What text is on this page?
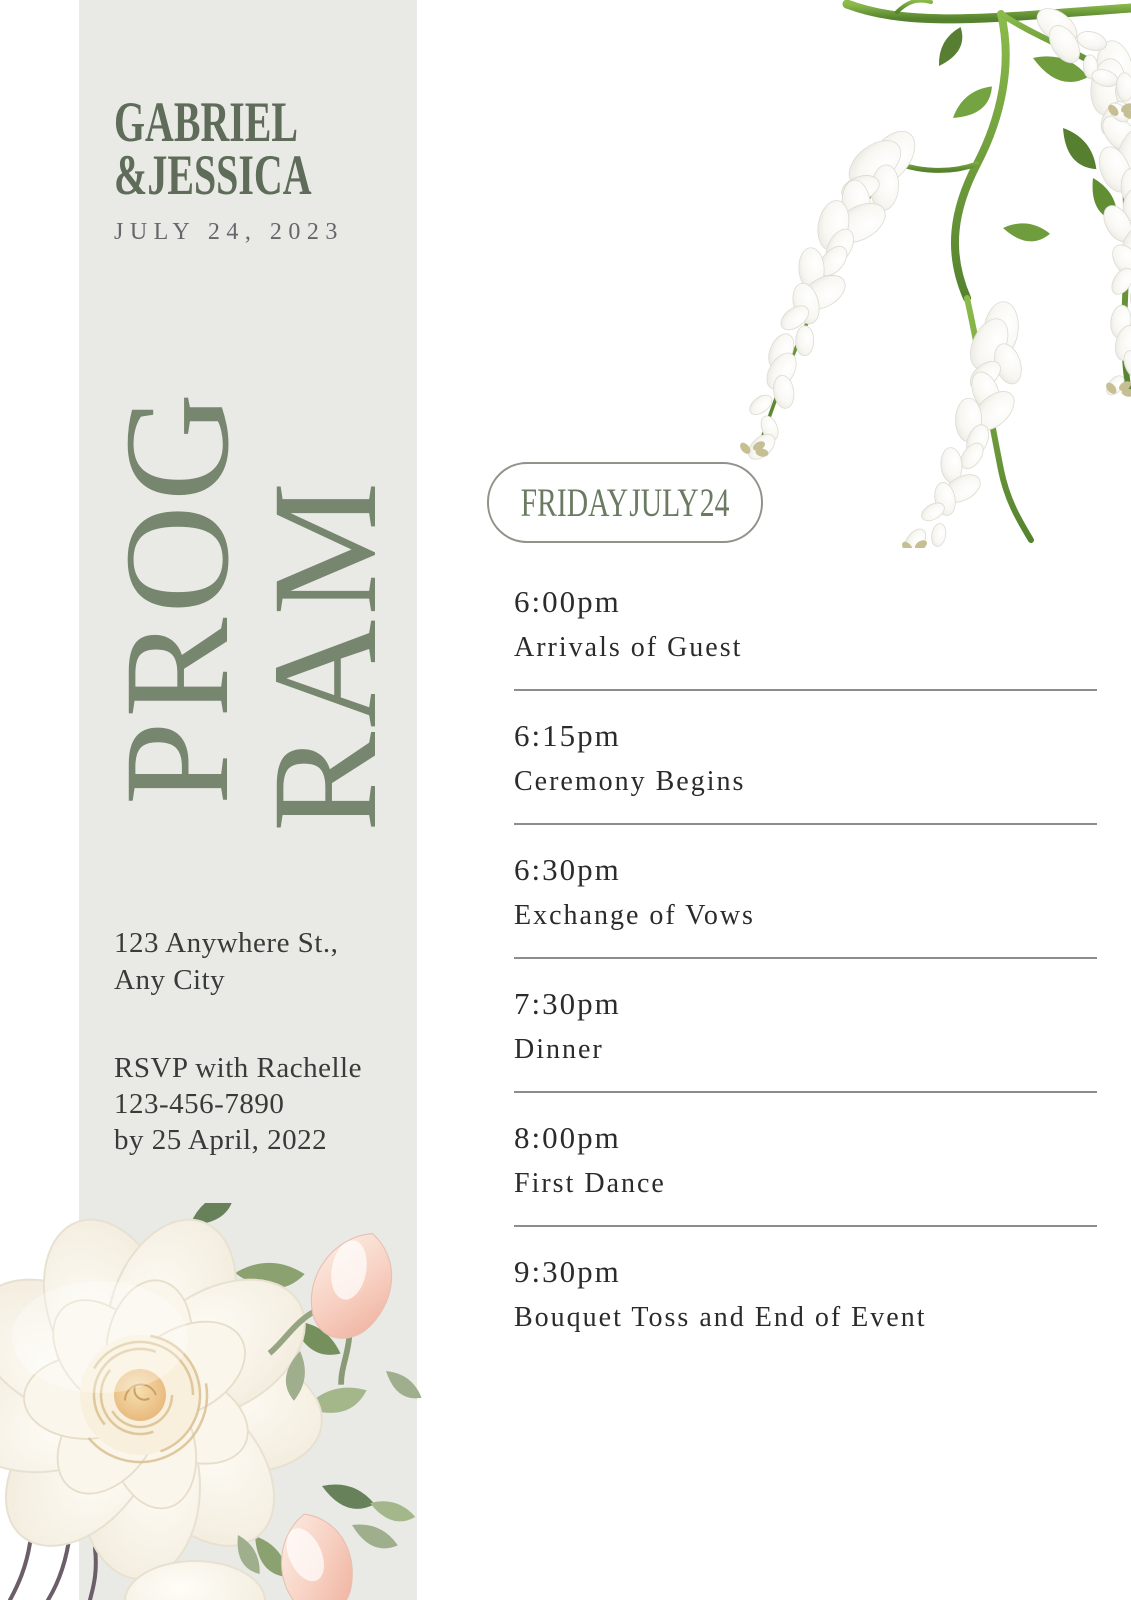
GABRIEL
& JESSICA
JULY 24, 2023
PROG
RAM
123 Anywhere St.,
Any City
RSVP with Rachelle
123-456-7890
by 25 April, 2022
FRIDAY JULY 24
6:00pm
Arrivals of Guest
6:15pm
Ceremony Begins
6:30pm
Exchange of Vows
7:30pm
Dinner
8:00pm
First Dance
9:30pm
Bouquet Toss and End of Event
